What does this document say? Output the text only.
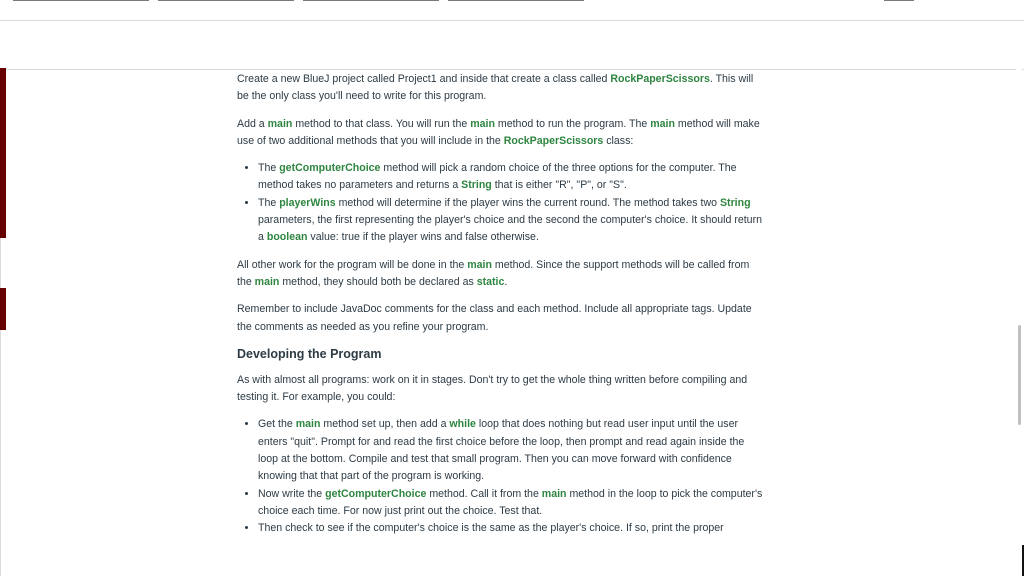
Create a new BlueJ project called Project1 and inside that create a class called RockPaperScissors. This will be the only class you'll need to write for this program.

Add a main method to that class. You will run the main method to run the program. The main method will make use of two additional methods that you will include in the RockPaperScissors class:

• The getComputerChoice method will pick a random choice of the three options for the computer. The method takes no parameters and returns a String that is either "R", "P", or "S".
• The playerWins method will determine if the player wins the current round. The method takes two String parameters, the first representing the player's choice and the second the computer's choice. It should return a boolean value: true if the player wins and false otherwise.

All other work for the program will be done in the main method. Since the support methods will be called from the main method, they should both be declared as static.

Remember to include JavaDoc comments for the class and each method. Include all appropriate tags. Update the comments as needed as you refine your program.

Developing the Program

As with almost all programs: work on it in stages. Don't try to get the whole thing written before compiling and testing it. For example, you could:

• Get the main method set up, then add a while loop that does nothing but read user input until the user enters "quit". Prompt for and read the first choice before the loop, then prompt and read again inside the loop at the bottom. Compile and test that small program. Then you can move forward with confidence knowing that that part of the program is working.
• Now write the getComputerChoice method. Call it from the main method in the loop to pick the computer's choice each time. For now just print out the choice. Test that.
• Then check to see if the computer's choice is the same as the player's choice. If so, print the proper
